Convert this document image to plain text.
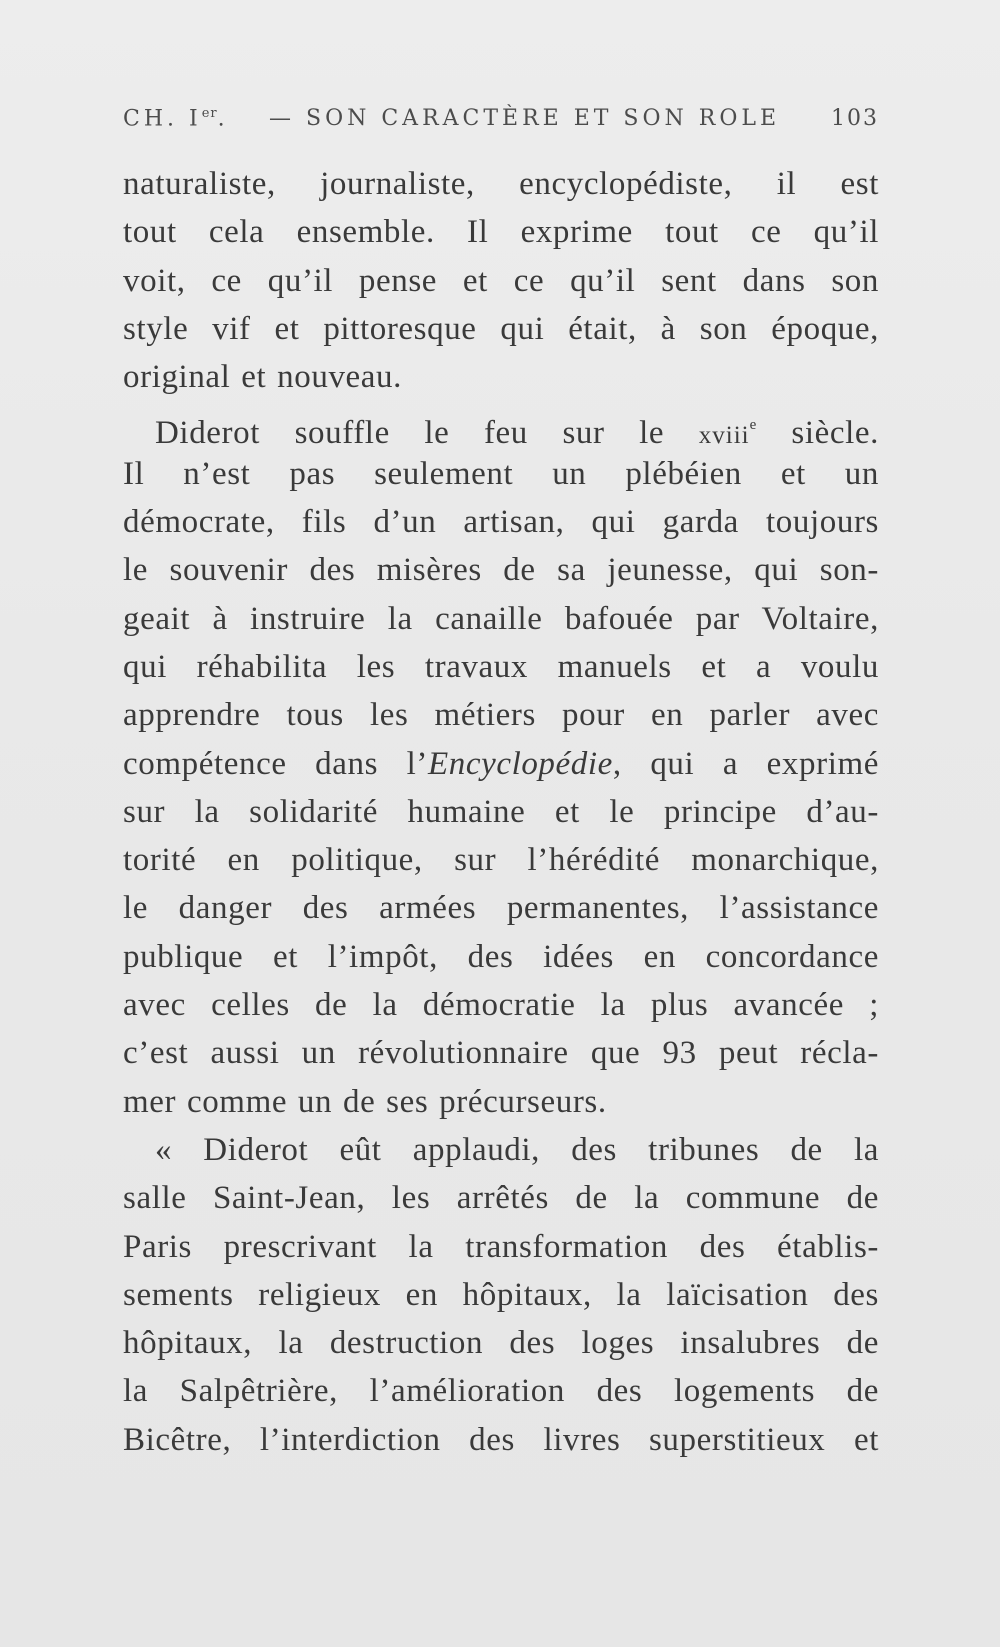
CH. Ier. — SON CARACTÈRE ET SON ROLE 103
naturaliste, journaliste, encyclopédiste, il est
tout cela ensemble. Il exprime tout ce qu’il
voit, ce qu’il pense et ce qu’il sent dans son
style vif et pittoresque qui était, à son époque,
original et nouveau.
Diderot souffle le feu sur le xviii$^e$ siècle.
Il n’est pas seulement un plébéien et un
démocrate, fils d’un artisan, qui garda toujours
le souvenir des misères de sa jeunesse, qui son-
geait à instruire la canaille bafouée par Voltaire,
qui réhabilita les travaux manuels et a voulu
apprendre tous les métiers pour en parler avec
compétence dans l’Encyclopédie, qui a exprimé
sur la solidarité humaine et le principe d’au-
torité en politique, sur l’hérédité monarchique,
le danger des armées permanentes, l’assistance
publique et l’impôt, des idées en concordance
avec celles de la démocratie la plus avancée ;
c’est aussi un révolutionnaire que 93 peut récla-
mer comme un de ses précurseurs.
« Diderot eût applaudi, des tribunes de la
salle Saint-Jean, les arrêtés de la commune de
Paris prescrivant la transformation des établis-
sements religieux en hôpitaux, la laïcisation des
hôpitaux, la destruction des loges insalubres de
la Salpêtrière, l’amélioration des logements de
Bicêtre, l’interdiction des livres superstitieux et
